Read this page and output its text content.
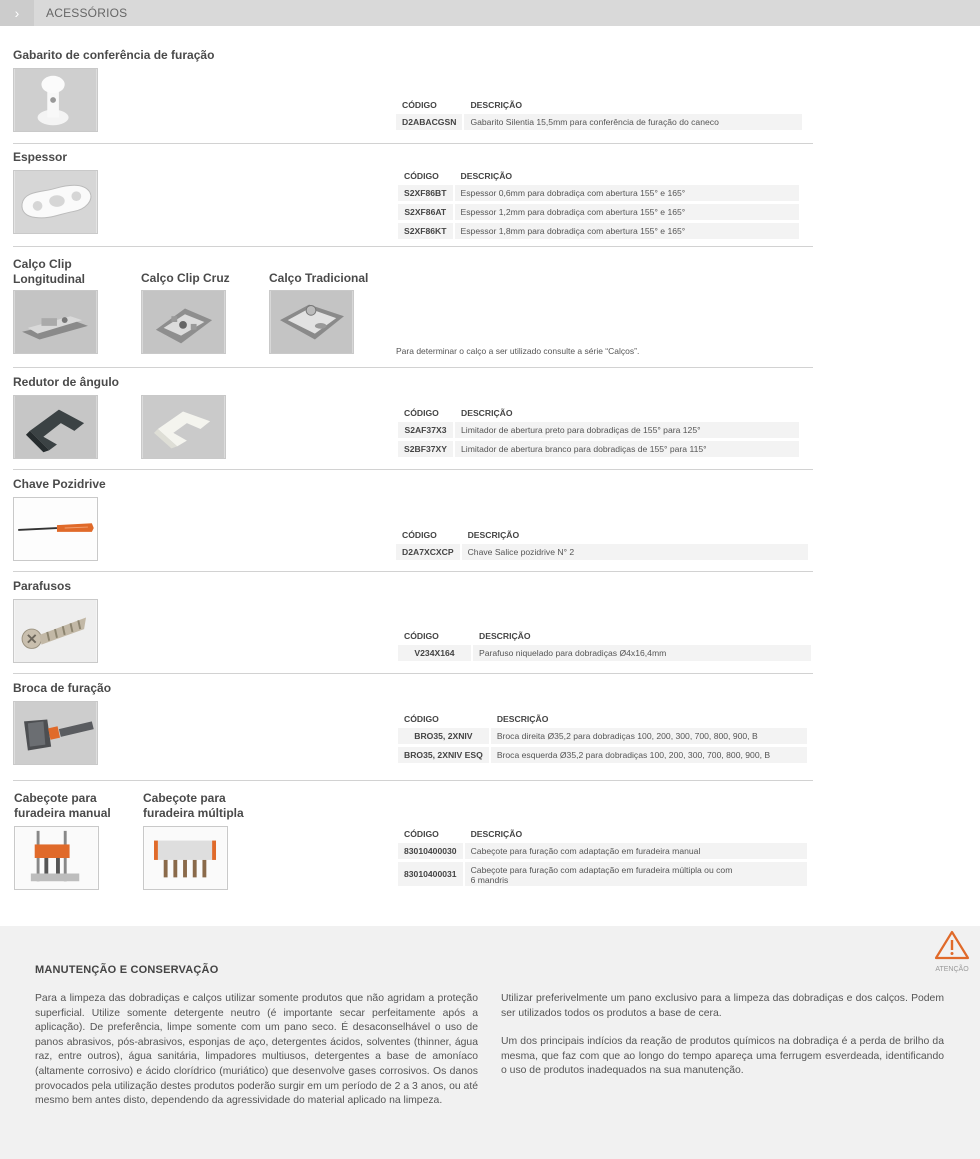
›	ACESSÓRIOS
Gabarito de conferência de furação
CÓDIGO	DESCRIÇÃO
D2ABACGSN	Gabarito Silentia 15,5mm para conferência de furação do caneco
Espessor
CÓDIGO	DESCRIÇÃO
S2XF86BT	Espessor 0,6mm para dobradiça com abertura 155° e 165°
S2XF86AT	Espessor 1,2mm para dobradiça com abertura 155° e 165°
S2XF86KT	Espessor 1,8mm para dobradiça com abertura 155° e 165°
Calço Clip
Longitudinal	Calço Clip Cruz	Calço Tradicional
Para determinar o calço a ser utilizado consulte a série “Calços”.
Redutor de ângulo
CÓDIGO	DESCRIÇÃO
S2AF37X3	Limitador de abertura preto para dobradiças de 155° para 125°
S2BF37XY	Limitador de abertura branco para dobradiças de 155° para 115°
Chave Pozidrive
CÓDIGO	DESCRIÇÃO
D2A7XCXCP	Chave Salice pozidrive N° 2
Parafusos
CÓDIGO	DESCRIÇÃO
V234X164	Parafuso niquelado para dobradiças Ø4x16,4mm
Broca de furação
CÓDIGO	DESCRIÇÃO
BRO35, 2XNIV	Broca direita Ø35,2 para dobradiças 100, 200, 300, 700, 800, 900, B
BRO35, 2XNIV ESQ	Broca esquerda Ø35,2 para dobradiças 100, 200, 300, 700, 800, 900, B
Cabeçote para
furadeira manual
Cabeçote para
furadeira múltipla
CÓDIGO	DESCRIÇÃO
83010400030	Cabeçote para furação com adaptação em furadeira manual
83010400031	Cabeçote para furação com adaptação em furadeira múltipla ou com
6 mandris
MANUTENÇÃO E CONSERVAÇÃO

Para a limpeza das dobradiças e calços utilizar somente produtos que não agridam a proteção superficial. Utilize somente detergente neutro (é importante secar perfeitamente após a aplicação). De preferência, limpe somente com um pano seco. É desaconselhável o uso de panos abrasivos, pós-abrasivos, esponjas de aço, detergentes ácidos, solventes (thinner, água raz, entre outros), água sanitária, limpadores multiusos, detergentes a base de amoníaco (altamente corrosivo) e ácido clorídrico (muriático) que desenvolve gases corrosivos. Os danos provocados pela utilização destes produtos poderão surgir em um período de 2 a 3 anos, ou até mesmo bem antes disto, dependendo da agressividade do material aplicado na limpeza.

Utilizar preferivelmente um pano exclusivo para a limpeza das dobradiças e dos calços. Podem ser utilizados todos os produtos a base de cera.

Um dos principais indícios da reação de produtos químicos na dobradiça é a perda de brilho da mesma, que faz com que ao longo do tempo apareça uma ferrugem esverdeada, identificando o uso de produtos inadequados na sua manutenção.

ATENÇÃO
